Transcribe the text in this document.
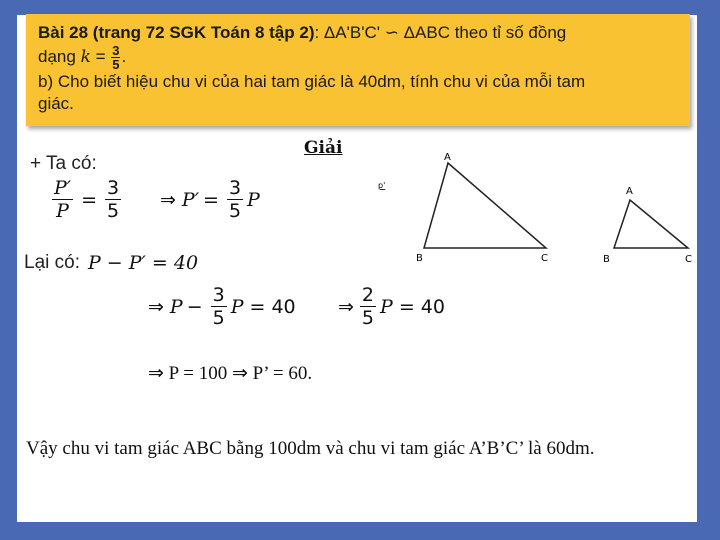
Bài 28 (trang 72 SGK Toán 8 tập 2): ΔA'B'C' ∽ ΔABC theo tỉ số đồng
dạng $k = \frac{3}{5}$ .
b) Cho biết hiệu chu vi của hai tam giác là 40dm, tính chu vi của mỗi tam
giác.
Giải
+ Ta có:
$\frac{P'}{P} = \frac{3}{5}$ ⇒ $P' = \frac{3}{5}$ P
Lại có: P − P′ = 40
⇒ $P - \frac{3}{5}$ P = 40 ⇒ $\frac{2}{5}$ P = 40
⇒ P = 100 ⇒ P’ = 60.
Vậy chu vi tam giác ABC bằng 100dm và chu vi tam giác A’B’C’ là 60dm.
A
B	C
p'
A
B	C
